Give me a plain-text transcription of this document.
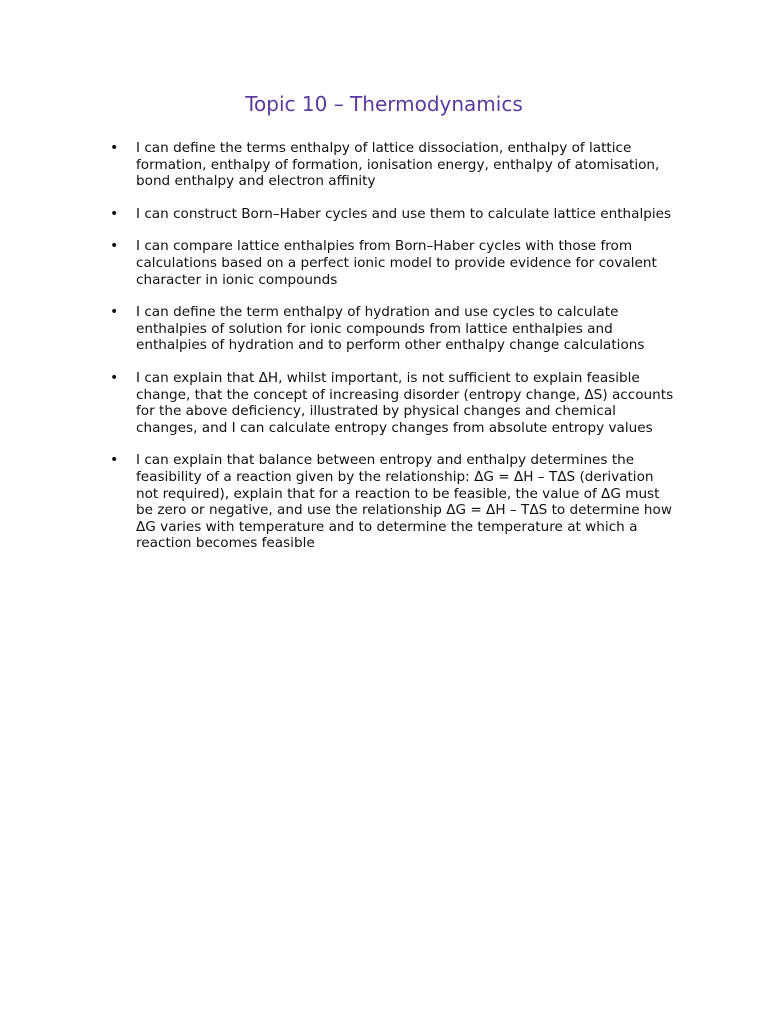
Topic 10 – Thermodynamics
• I can define the terms enthalpy of lattice dissociation, enthalpy of lattice formation, enthalpy of formation, ionisation energy, enthalpy of atomisation, bond enthalpy and electron affinity
• I can construct Born–Haber cycles and use them to calculate lattice enthalpies
• I can compare lattice enthalpies from Born–Haber cycles with those from calculations based on a perfect ionic model to provide evidence for covalent character in ionic compounds
• I can define the term enthalpy of hydration and use cycles to calculate enthalpies of solution for ionic compounds from lattice enthalpies and enthalpies of hydration and to perform other enthalpy change calculations
• I can explain that ΔH, whilst important, is not sufficient to explain feasible change, that the concept of increasing disorder (entropy change, ΔS) accounts for the above deficiency, illustrated by physical changes and chemical changes, and I can calculate entropy changes from absolute entropy values
• I can explain that balance between entropy and enthalpy determines the feasibility of a reaction given by the relationship: ΔG = ΔH – TΔS (derivation not required), explain that for a reaction to be feasible, the value of ΔG must be zero or negative, and use the relationship ΔG = ΔH – TΔS to determine how ΔG varies with temperature and to determine the temperature at which a reaction becomes feasible
